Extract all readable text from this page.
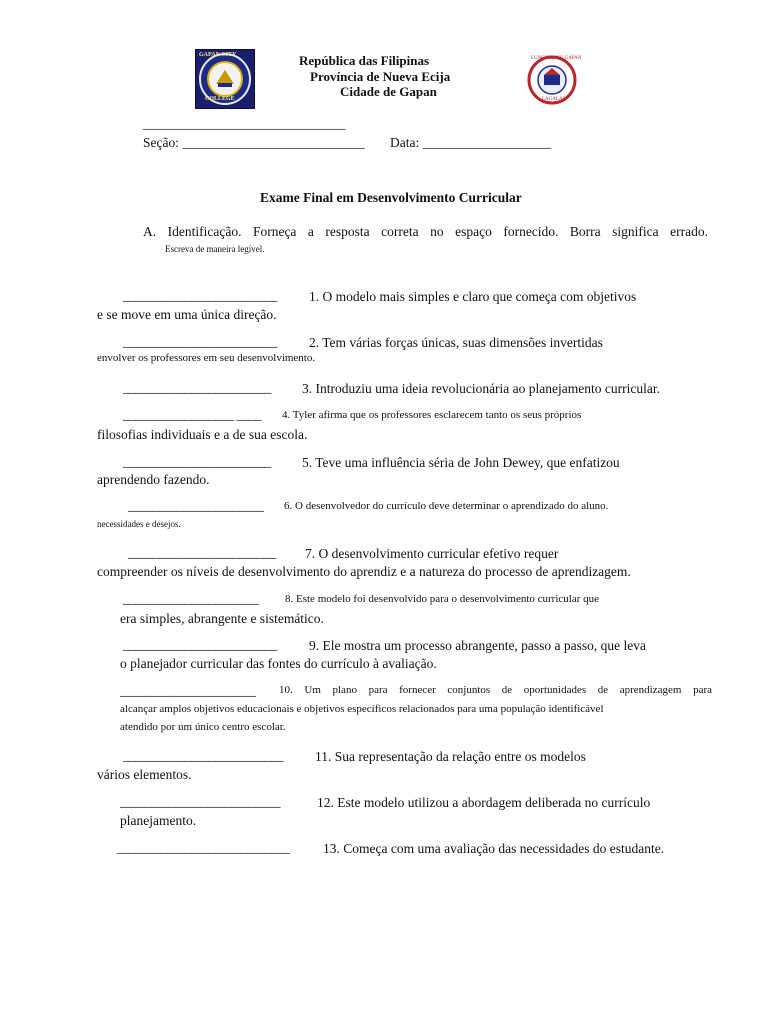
GAPAN CITY
COLLEGE
LUNGSOD NG GAPAN
LAGALAS
República das Filipinas
Província de Nueva Ecija
Cidade de Gapan
______________________________
Seção: ___________________________ Data: ___________________
Exame Final em Desenvolvimento Curricular
A. Identificação. Forneça a resposta correta no espaço fornecido. Borra significa errado.
Escreva de maneira legível.
_________________________ 1. O modelo mais simples e claro que começa com objetivos
e se move em uma única direção.
_________________________ 2. Tem várias forças únicas, suas dimensões invertidas
envolver os professores em seu desenvolvimento.
________________________ 3. Introduziu uma ideia revolucionária ao planejamento curricular.
__________________ ____ 4. Tyler afirma que os professores esclarecem tanto os seus próprios
filosofias individuais e a de sua escola.
________________________ 5. Teve uma influência séria de John Dewey, que enfatizou
aprendendo fazendo.
______________________ 6. O desenvolvedor do currículo deve determinar o aprendizado do aluno.
necessidades e desejos.
________________________ 7. O desenvolvimento curricular efetivo requer
compreender os níveis de desenvolvimento do aprendiz e a natureza do processo de aprendizagem.
______________________ 8. Este modelo foi desenvolvido para o desenvolvimento curricular que
era simples, abrangente e sistemático.
_________________________ 9. Ele mostra um processo abrangente, passo a passo, que leva
o planejador curricular das fontes do currículo à avaliação.
______________________ 10. Um plano para fornecer conjuntos de oportunidades de aprendizagem para
alcançar amplos objetivos educacionais e objetivos específicos relacionados para uma população identificável
atendido por um único centro escolar.
__________________________ 11. Sua representação da relação entre os modelos
vários elementos.
__________________________	12. Este modelo utilizou a abordagem deliberada no currículo
planejamento.
____________________________	13. Começa com uma avaliação das necessidades do estudante.
